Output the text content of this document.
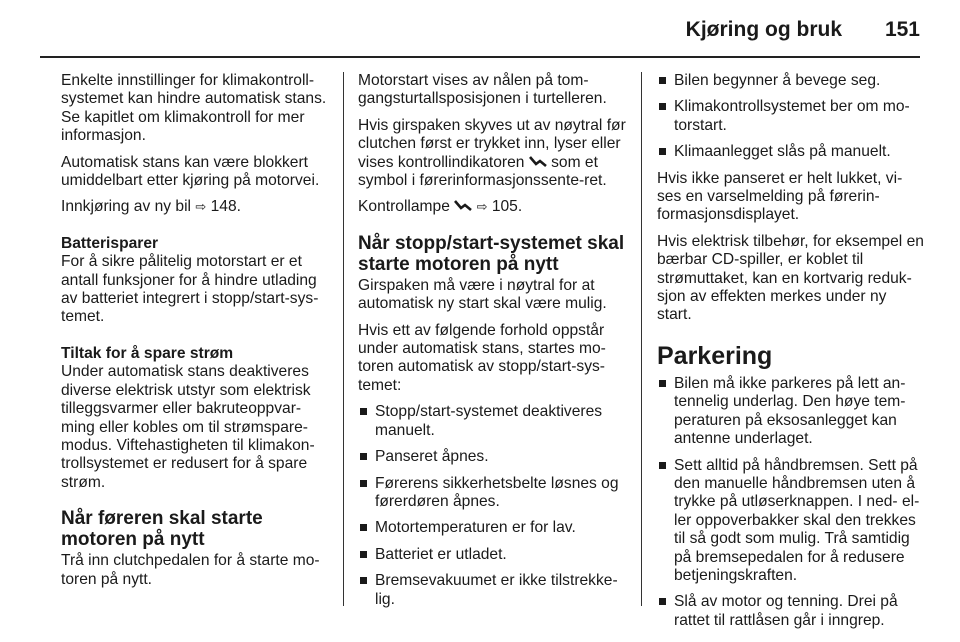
Kjøring og bruk 151

Enkelte innstillinger for klimakontroll-systemet kan hindre automatisk stans. Se kapitlet om klimakontroll for mer informasjon.

Automatisk stans kan være blokkert umiddelbart etter kjøring på motorvei.

Innkjøring av ny bil ⇨ 148.

Batterisparer

For å sikre pålitelig motorstart er et antall funksjoner for å hindre utlading av batteriet integrert i stopp/start-sys-temet.

Tiltak for å spare strøm

Under automatisk stans deaktiveres diverse elektrisk utstyr som elektrisk tilleggsvarmer eller bakruteoppvar-ming eller kobles om til strømspare-modus. Viftehastigheten til klimakon-trollsystemet er redusert for å spare strøm.

Når føreren skal starte motoren på nytt

Trå inn clutchpedalen for å starte mo-toren på nytt.

Motorstart vises av nålen på tom-gangsturtallsposisjonen i turtelleren.

Hvis girspaken skyves ut av nøytral før clutchen først er trykket inn, lyser eller vises kontrollindikatoren som et symbol i førerinformasjonssente-ret.

Kontrollampe ⇨ 105.

Når stopp/start-systemet skal starte motoren på nytt

Girspaken må være i nøytral for at automatisk ny start skal være mulig.

Hvis ett av følgende forhold oppstår under automatisk stans, startes mo-toren automatisk av stopp/start-sys-temet:

Stopp/start-systemet deaktiveres manuelt.
Panseret åpnes.
Førerens sikkerhetsbelte løsnes og førerdøren åpnes.
Motortemperaturen er for lav.
Batteriet er utladet.
Bremsevakuumet er ikke tilstrekke-lig.
Bilen begynner å bevege seg.
Klimakontrollsystemet ber om mo-torstart.
Klimaanlegget slås på manuelt.

Hvis ikke panseret er helt lukket, vi-ses en varselmelding på førerin-formasjonsdisplayet.

Hvis elektrisk tilbehør, for eksempel en bærbar CD-spiller, er koblet til strømuttaket, kan en kortvarig reduk-sjon av effekten merkes under ny start.

Parkering
Bilen må ikke parkeres på lett an-tennelig underlag. Den høye tem-peraturen på eksosanlegget kan antenne underlaget.
Sett alltid på håndbremsen. Sett på den manuelle håndbremsen uten å trykke på utløserknappen. I ned- el-ler oppoverbakker skal den trekkes til så godt som mulig. Trå samtidig på bremsepedalen for å redusere betjeningskraften.
Slå av motor og tenning. Drei på rattet til rattlåsen går i inngrep.
